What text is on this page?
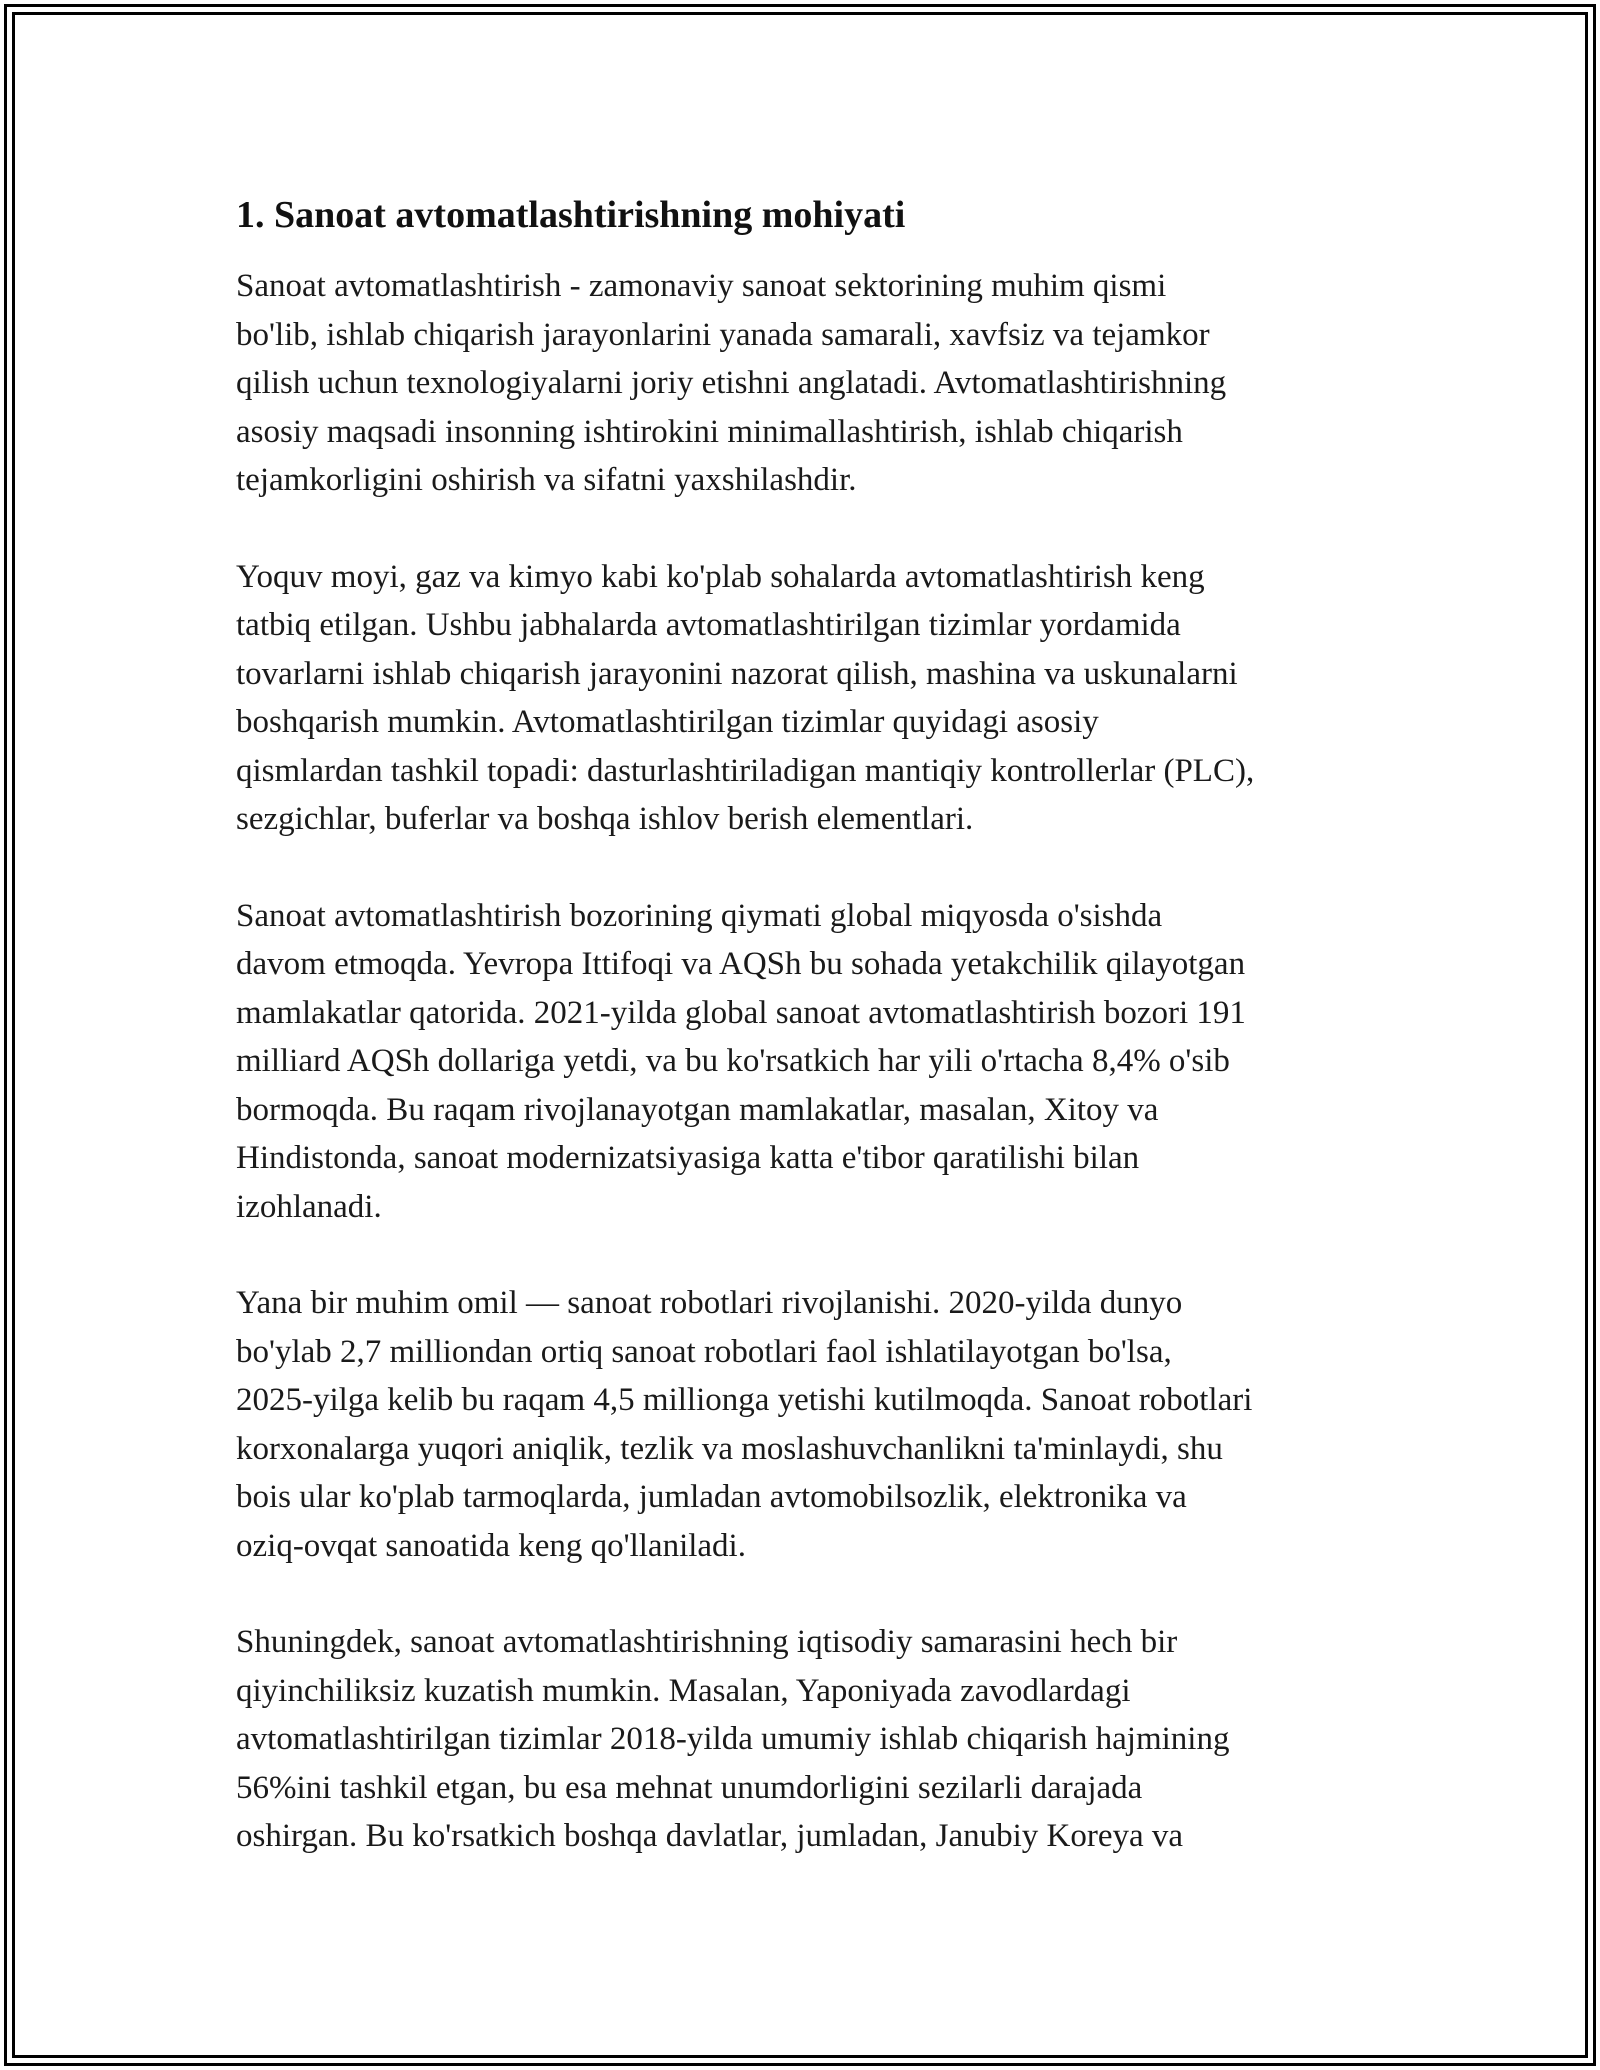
1. Sanoat avtomatlashtirishning mohiyati

Sanoat avtomatlashtirish - zamonaviy sanoat sektorining muhim qismi
bo'lib, ishlab chiqarish jarayonlarini yanada samarali, xavfsiz va tejamkor
qilish uchun texnologiyalarni joriy etishni anglatadi. Avtomatlashtirishning
asosiy maqsadi insonning ishtirokini minimallashtirish, ishlab chiqarish
tejamkorligini oshirish va sifatni yaxshilashdir.

Yoquv moyi, gaz va kimyo kabi ko'plab sohalarda avtomatlashtirish keng
tatbiq etilgan. Ushbu jabhalarda avtomatlashtirilgan tizimlar yordamida
tovarlarni ishlab chiqarish jarayonini nazorat qilish, mashina va uskunalarni
boshqarish mumkin. Avtomatlashtirilgan tizimlar quyidagi asosiy
qismlardan tashkil topadi: dasturlashtiriladigan mantiqiy kontrollerlar (PLC),
sezgichlar, buferlar va boshqa ishlov berish elementlari.

Sanoat avtomatlashtirish bozorining qiymati global miqyosda o'sishda
davom etmoqda. Yevropa Ittifoqi va AQSh bu sohada yetakchilik qilayotgan
mamlakatlar qatorida. 2021-yilda global sanoat avtomatlashtirish bozori 191
milliard AQSh dollariga yetdi, va bu ko'rsatkich har yili o'rtacha 8,4% o'sib
bormoqda. Bu raqam rivojlanayotgan mamlakatlar, masalan, Xitoy va
Hindistonda, sanoat modernizatsiyasiga katta e'tibor qaratilishi bilan
izohlanadi.

Yana bir muhim omil — sanoat robotlari rivojlanishi. 2020-yilda dunyo
bo'ylab 2,7 milliondan ortiq sanoat robotlari faol ishlatilayotgan bo'lsa,
2025-yilga kelib bu raqam 4,5 millionga yetishi kutilmoqda. Sanoat robotlari
korxonalarga yuqori aniqlik, tezlik va moslashuvchanlikni ta'minlaydi, shu
bois ular ko'plab tarmoqlarda, jumladan avtomobilsozlik, elektronika va
oziq-ovqat sanoatida keng qo'llaniladi.

Shuningdek, sanoat avtomatlashtirishning iqtisodiy samarasini hech bir
qiyinchiliksiz kuzatish mumkin. Masalan, Yaponiyada zavodlardagi
avtomatlashtirilgan tizimlar 2018-yilda umumiy ishlab chiqarish hajmining
56%ini tashkil etgan, bu esa mehnat unumdorligini sezilarli darajada
oshirgan. Bu ko'rsatkich boshqa davlatlar, jumladan, Janubiy Koreya va
